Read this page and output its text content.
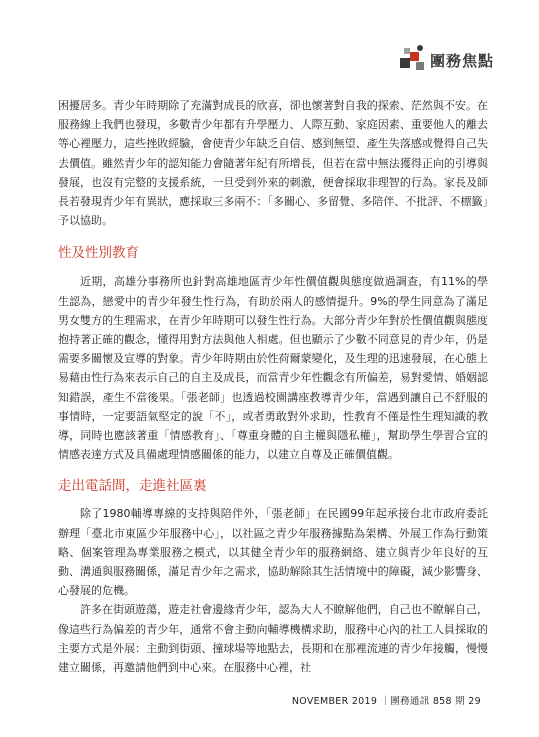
團務焦點

困擾居多。青少年時期除了充滿對成長的欣喜，卻也懷著對自我的探索、茫然與不安。在服務線上我們也發現，多數青少年都有升學壓力、人際互動、家庭因素、重要他人的離去等心裡壓力，這些挫敗經驗，會使青少年缺乏自信、感到無望、產生失落感或覺得自己失去價值。雖然青少年的認知能力會隨著年紀有所增長，但若在當中無法獲得正向的引導與發展，也沒有完整的支援系統，一旦受到外來的刺激，便會採取非理智的行為。家長及師長若發現青少年有異狀，應採取三多兩不：「多關心、多留覺、多陪伴、不批評、不標籤」予以協助。

性及性別教育

近期，高雄分事務所也針對高雄地區青少年性價值觀與態度做過調查，有11%的學生認為，戀愛中的青少年發生性行為，有助於兩人的感情提升。9%的學生同意為了滿足男女雙方的生理需求，在青少年時期可以發生性行為。大部分青少年對於性價值觀與態度抱持著正確的觀念，懂得用對方法與他人相處。但也顯示了少數不同意見的青少年，仍是需要多關懷及宣導的對象。青少年時期由於性荷爾蒙變化，及生理的迅速發展，在心態上易藉由性行為來表示自己的自主及成長，而當青少年性觀念有所偏差，易對愛情、婚姻認知錯誤，產生不當後果。「張老師」也透過校園講座教導青少年，當遇到讓自己不舒服的事情時，一定要語氣堅定的說「不」，或者勇敢對外求助，性教育不僅是性生理知識的教導，同時也應該著重「情感教育」、「尊重身體的自主權與隱私權」，幫助學生學習合宜的情感表達方式及具備處理情感關係的能力，以建立自尊及正確價值觀。

走出電話間，走進社區裏

除了1980輔導專線的支持與陪伴外，「張老師」在民國99年起承接台北市政府委託辦理「臺北市東區少年服務中心」，以社區之青少年服務據點為架構、外展工作為行動策略、個案管理為專業服務之模式，以其健全青少年的服務網絡、建立與青少年良好的互動、溝通與服務關係，滿足青少年之需求，協助解除其生活情境中的障礙，減少影響身、心發展的危機。

許多在街頭遊蕩，遊走社會邊緣青少年，認為大人不瞭解他們，自己也不瞭解自己，像這些行為偏差的青少年，通常不會主動向輔導機構求助，服務中心內的社工人員採取的主要方式是外展：主動到街頭、撞球場等地點去，長期和在那裡流連的青少年接觸，慢慢建立關係，再邀請他們到中心來。在服務中心裡，社

NOVEMBER 2019 ｜團務通訊 858 期 29
